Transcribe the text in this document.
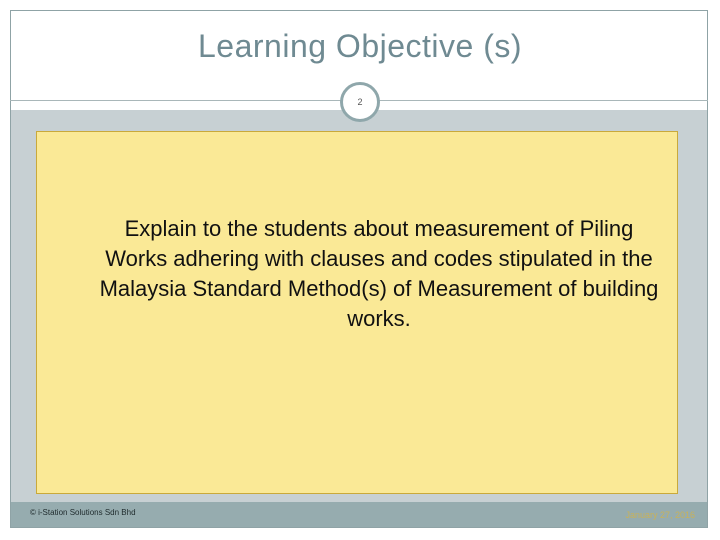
Learning Objective (s)
2
Explain to the students about measurement of Piling Works adhering with clauses and codes stipulated in the Malaysia Standard Method(s) of Measurement of building works.
© i-Station Solutions Sdn Bhd	January 27, 2016
